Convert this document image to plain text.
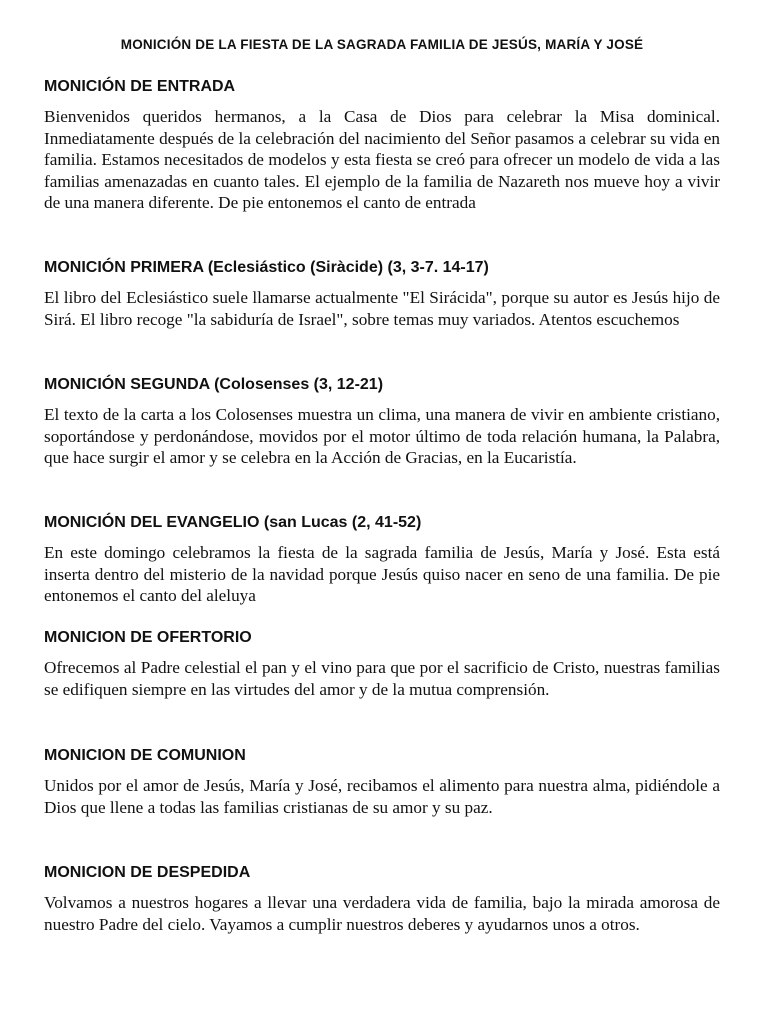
MONICIÓN DE LA FIESTA DE LA SAGRADA FAMILIA DE JESÚS, MARÍA Y JOSÉ
MONICIÓN DE ENTRADA

Bienvenidos queridos hermanos, a la Casa de Dios para celebrar la Misa dominical. Inmediatamente después de la celebración del nacimiento del Señor pasamos a celebrar su vida en familia. Estamos necesitados de modelos y esta fiesta se creó para ofrecer un modelo de vida a las familias amenazadas en cuanto tales. El ejemplo de la familia de Nazareth nos mueve hoy a vivir de una manera diferente. De pie entonemos el canto de entrada

MONICIÓN PRIMERA (Eclesiástico (Siràcide) (3, 3-7. 14-17)

El libro del Eclesiástico suele llamarse actualmente "El Sirácida", porque su autor es Jesús hijo de Sirá. El libro recoge "la sabiduría de Israel", sobre temas muy variados. Atentos escuchemos

MONICIÓN SEGUNDA (Colosenses (3, 12-21)

El texto de la carta a los Colosenses muestra un clima, una manera de vivir en ambiente cristiano, soportándose y perdonándose, movidos por el motor último de toda relación humana, la Palabra, que hace surgir el amor y se celebra en la Acción de Gracias, en la Eucaristía.

MONICIÓN DEL EVANGELIO (san Lucas (2, 41-52)

En este domingo celebramos la fiesta de la sagrada familia de Jesús, María y José. Esta está inserta dentro del misterio de la navidad porque Jesús quiso nacer en seno de una familia. De pie entonemos el canto del aleluya

MONICION DE OFERTORIO

Ofrecemos al Padre celestial el pan y el vino para que por el sacrificio de Cristo, nuestras familias se edifiquen siempre en las virtudes del amor y de la mutua comprensión.

MONICION DE COMUNION

Unidos por el amor de Jesús, María y José, recibamos el alimento para nuestra alma, pidiéndole a Dios que llene a todas las familias cristianas de su amor y su paz.

MONICION DE DESPEDIDA

Volvamos a nuestros hogares a llevar una verdadera vida de familia, bajo la mirada amorosa de nuestro Padre del cielo. Vayamos a cumplir nuestros deberes y ayudarnos unos a otros.
